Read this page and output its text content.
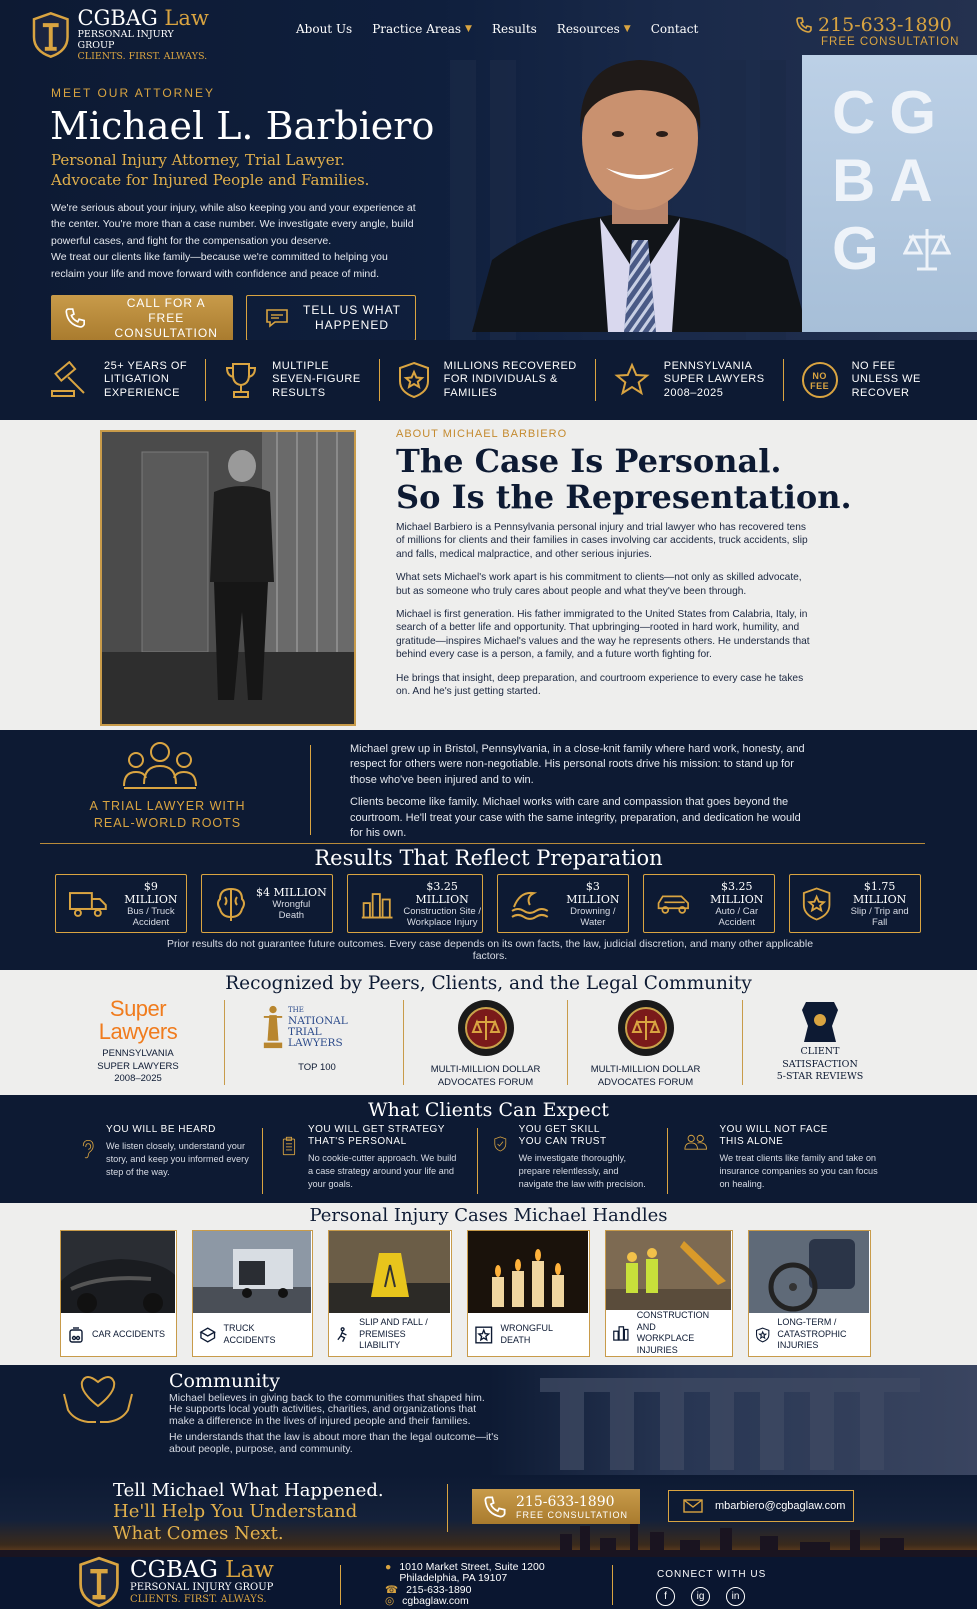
CG
BA
G
CGBAG Law
PERSONAL INJURY GROUP
CLIENTS. FIRST. ALWAYS.
About Us Practice Areas ▼ Results Resources ▼ Contact	215-633-1890
FREE CONSULTATION
MEET OUR ATTORNEY
Michael L. Barbiero
Personal Injury Attorney, Trial Lawyer.
Advocate for Injured People and Families.

We're serious about your injury, while also keeping you and your experience at the center. You're more than a case number. We investigate every angle, build powerful cases, and fight for the compensation you deserve.

We treat our clients like family—because we're committed to helping you reclaim your life and move forward with confidence and peace of mind.

CALL FOR A
FREE CONSULTATION
TELL US WHAT
HAPPENED
25+ YEARS OF
LITIGATION
EXPERIENCE
MULTIPLE
SEVEN-FIGURE
RESULTS
MILLIONS RECOVERED
FOR INDIVIDUALS &
FAMILIES
PENNSYLVANIA
SUPER LAWYERS
2008–2025
NO
FEE
NO FEE
UNLESS WE
RECOVER
ABOUT MICHAEL BARBIERO
The Case Is Personal.
So Is the Representation.

Michael Barbiero is a Pennsylvania personal injury and trial lawyer who has recovered tens of millions for clients and their families in cases involving car accidents, truck accidents, slip and falls, medical malpractice, and other serious injuries.

What sets Michael's work apart is his commitment to clients—not only as skilled advocate, but as someone who truly cares about people and what they've been through.

Michael is first generation. His father immigrated to the United States from Calabria, Italy, in search of a better life and opportunity. That upbringing—rooted in hard work, humility, and gratitude—inspires Michael's values and the way he represents others. He understands that behind every case is a person, a family, and a future worth fighting for.

He brings that insight, deep preparation, and courtroom experience to every case he takes on. And he's just getting started.

A TRIAL LAWYER WITH
REAL-WORLD ROOTS

Michael grew up in Bristol, Pennsylvania, in a close-knit family where hard work, honesty, and respect for others were non-negotiable. His personal roots drive his mission: to stand up for those who've been injured and to win.

Clients become like family. Michael works with care and compassion that goes beyond the courtroom. He'll treat your case with the same integrity, preparation, and dedication he would for his own.

Results That Reflect Preparation
$9 MILLION
Bus / Truck
Accident
$4 MILLION
Wrongful
Death
$3.25 MILLION
Construction Site /
Workplace Injury
$3 MILLION
Drowning /
Water
$3.25 MILLION
Auto / Car
Accident
$1.75 MILLION
Slip / Trip and
Fall
Prior results do not guarantee future outcomes. Every case depends on its own facts, the law, judicial discretion, and many other applicable factors.
Recognized by Peers, Clients, and the Legal Community
Super
Lawyers
PENNSYLVANIA
SUPER LAWYERS
2008–2025
THE
NATIONAL
TRIAL LAWYERS
TOP 100	MULTI-MILLION DOLLAR
ADVOCATES FORUM
MULTI-MILLION DOLLAR
ADVOCATES FORUM
CLIENT
SATISFACTION
5-STAR REVIEWS
What Clients Can Expect
YOU WILL BE HEARD

We listen closely, understand your story, and keep you informed every step of the way.

YOU WILL GET STRATEGY
THAT'S PERSONAL

No cookie-cutter approach. We build a case strategy around your life and your goals.

YOU GET SKILL
YOU CAN TRUST

We investigate thoroughly, prepare relentlessly, and navigate the law with precision.

YOU WILL NOT FACE
THIS ALONE

We treat clients like family and take on insurance companies so you can focus on healing.

Personal Injury Cases Michael Handles
CAR ACCIDENTS
TRUCK ACCIDENTS
SLIP AND FALL /
PREMISES LIABILITY
WRONGFUL DEATH
CONSTRUCTION AND
WORKPLACE INJURIES
LONG-TERM /
CATASTROPHIC INJURIES
Community

Michael believes in giving back to the communities that shaped him. He supports local youth activities, charities, and organizations that make a difference in the lives of injured people and their families.

He understands that the law is about more than the legal outcome—it's about people, purpose, and community.

Tell Michael What Happened.
He'll Help You Understand
What Comes Next.
215-633-1890
FREE CONSULTATION
mbarbiero@cgbaglaw.com
CGBAG Law
PERSONAL INJURY GROUP
CLIENTS. FIRST. ALWAYS.
● 1010 Market Street, Suite 1200
Philadelphia, PA 19107
☎ 215-633-1890
◎ cgbaglaw.com
CONNECT WITH US
f	ig	in
